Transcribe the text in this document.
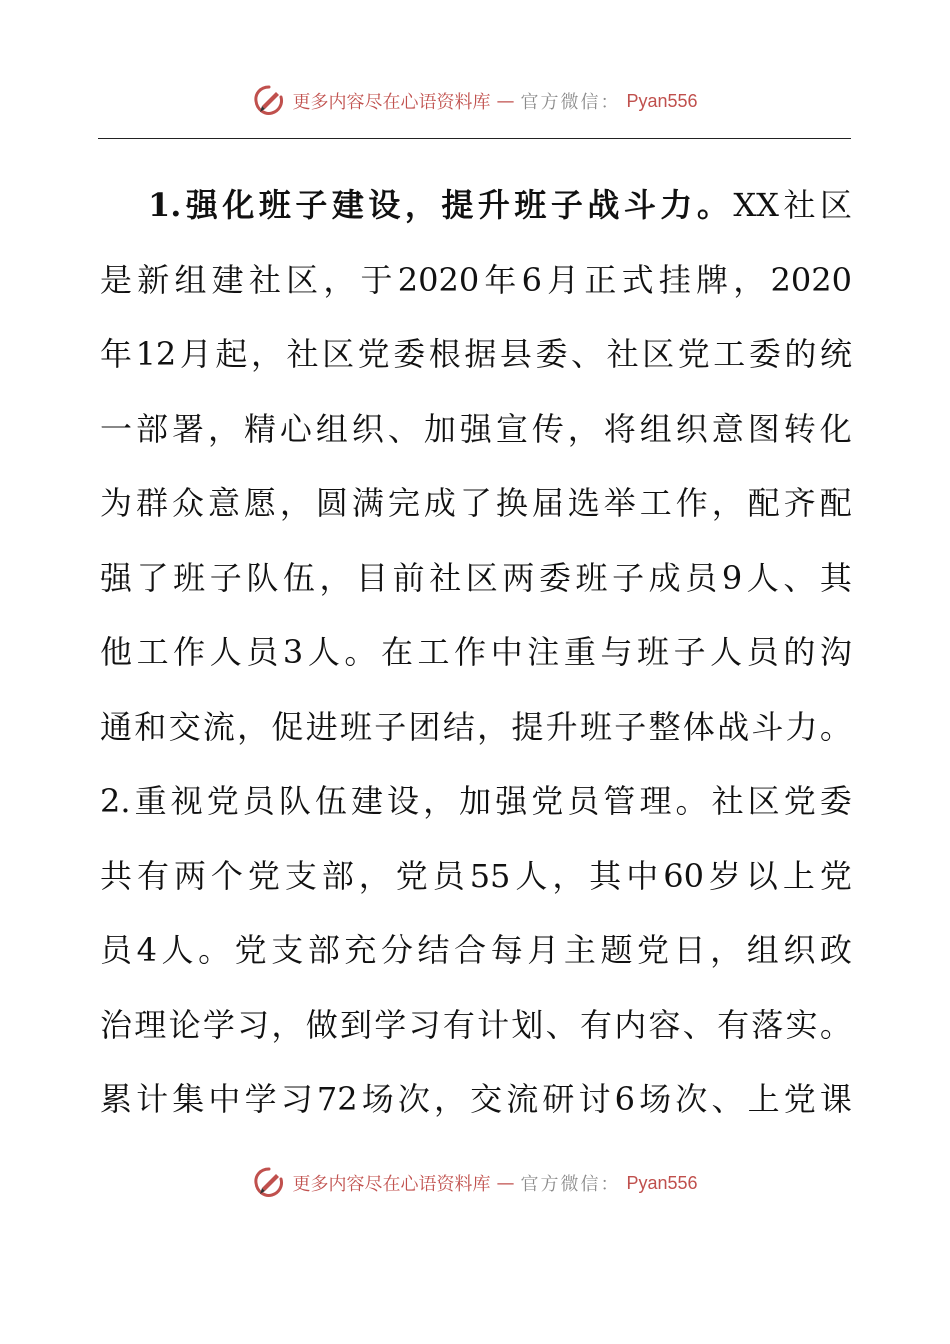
更多内容尽在心语资料库 — 官方微信： Pyan556
1. 强 化 班 子 建 设 ， 提 升 班 子 战 斗 力 。 XX 社 区
是 新 组 建 社 区 ， 于 2020 年 6 月 正 式 挂 牌 ， 2020
年 12 月 起 ， 社 区 党 委 根 据 县 委 、 社 区 党 工 委 的 统
一 部 署 ， 精 心 组 织 、 加 强 宣 传 ， 将 组 织 意 图 转 化
为 群 众 意 愿 ， 圆 满 完 成 了 换 届 选 举 工 作 ， 配 齐 配
强 了 班 子 队 伍 ， 目 前 社 区 两 委 班 子 成 员 9 人 、 其
他 工 作 人 员 3 人 。 在 工 作 中 注 重 与 班 子 人 员 的 沟
通 和 交 流 ， 促 进 班 子 团 结 ， 提 升 班 子 整 体 战 斗 力 。
2. 重 视 党 员 队 伍 建 设 ， 加 强 党 员 管 理 。 社 区 党 委
共 有 两 个 党 支 部 ， 党 员 55 人 ， 其 中 60 岁 以 上 党
员 4 人 。 党 支 部 充 分 结 合 每 月 主 题 党 日 ， 组 织 政
治 理 论 学 习 ， 做 到 学 习 有 计 划 、 有 内 容 、 有 落 实 。
累 计 集 中 学 习 72 场 次 ， 交 流 研 讨 6 场 次 、 上 党 课
更多内容尽在心语资料库 — 官方微信： Pyan556
